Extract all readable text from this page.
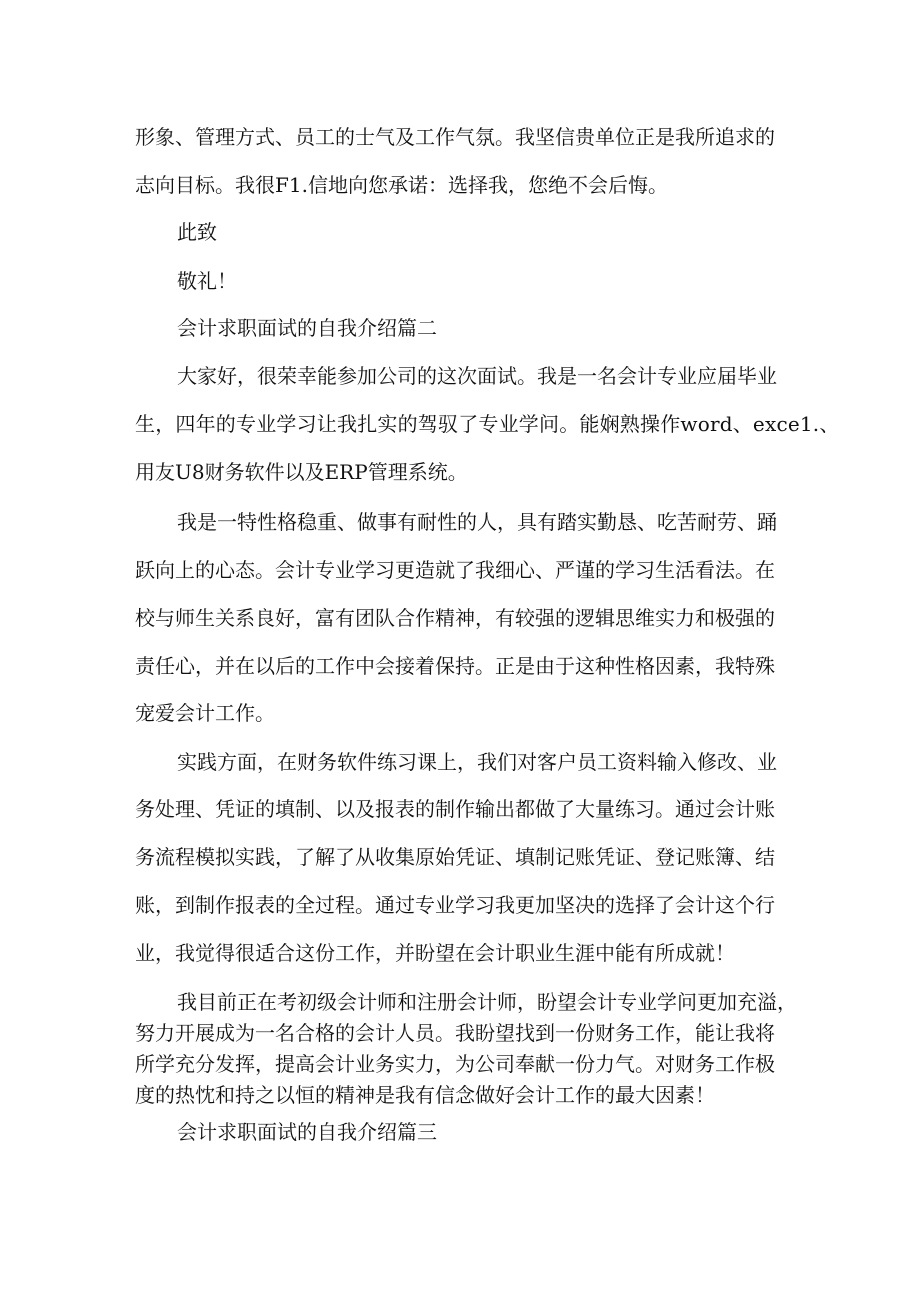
形象、管理方式、员工的士气及工作气氛。我坚信贵单位正是我所追求的

志向目标。我很F1.信地向您承诺：选择我，您绝不会后悔。

此致

敬礼！

会计求职面试的自我介绍篇二

大家好，很荣幸能参加公司的这次面试。我是一名会计专业应届毕业

生，四年的专业学习让我扎实的驾驭了专业学问。能娴熟操作word、exce1.、

用友U8财务软件以及ERP管理系统。

我是一特性格稳重、做事有耐性的人，具有踏实勤恳、吃苦耐劳、踊

跃向上的心态。会计专业学习更造就了我细心、严谨的学习生活看法。在

校与师生关系良好，富有团队合作精神，有较强的逻辑思维实力和极强的

责任心，并在以后的工作中会接着保持。正是由于这种性格因素，我特殊

宠爱会计工作。

实践方面，在财务软件练习课上，我们对客户员工资料输入修改、业

务处理、凭证的填制、以及报表的制作输出都做了大量练习。通过会计账

务流程模拟实践，了解了从收集原始凭证、填制记账凭证、登记账簿、结

账，到制作报表的全过程。通过专业学习我更加坚决的选择了会计这个行

业，我觉得很适合这份工作，并盼望在会计职业生涯中能有所成就！

我目前正在考初级会计师和注册会计师，盼望会计专业学问更加充溢，

努力开展成为一名合格的会计人员。我盼望找到一份财务工作，能让我将

所学充分发挥，提高会计业务实力，为公司奉献一份力气。对财务工作极

度的热忱和持之以恒的精神是我有信念做好会计工作的最大因素！

会计求职面试的自我介绍篇三
